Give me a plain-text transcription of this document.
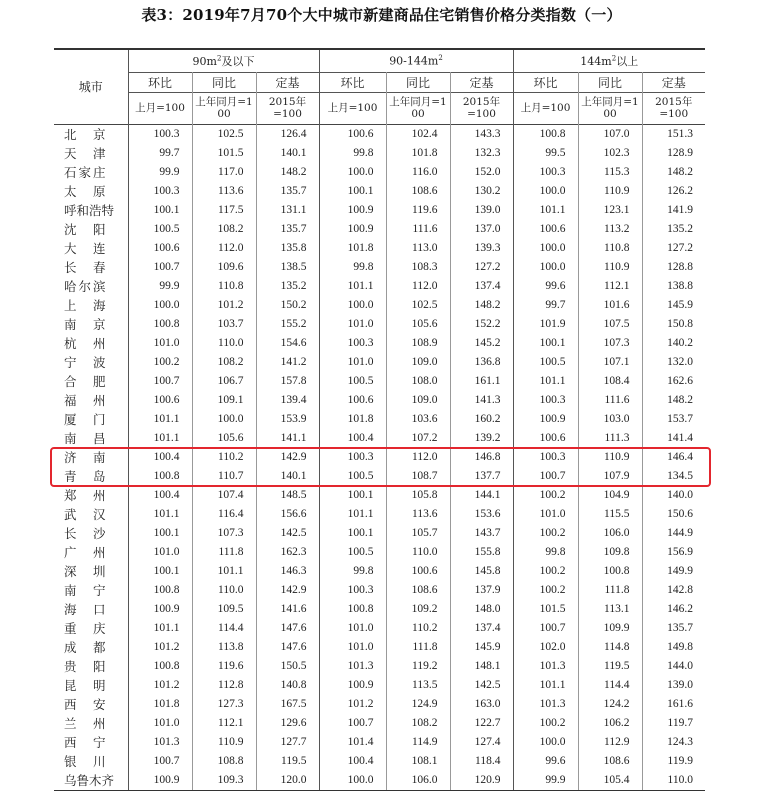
表3：2019年7月70个大中城市新建商品住宅销售价格分类指数（一）
城市	$90m^2$及以下			$90-144m^2$			$144m^2$以上		
	环比	同比	定基	环比	同比	定基	环比	同比	定基
	上月=100	上年同月=1
00	2015年=100	上月=100	上年同月=1
00	2015年=100	上月=100	上年同月=1
00	2015年=100
北京	100.3	102.5	126.4	100.6	102.4	143.3	100.8	107.0	151.3
天津	99.7	101.5	140.1	99.8	101.8	132.3	99.5	102.3	128.9
石家庄	99.9	117.0	148.2	100.0	116.0	152.0	100.3	115.3	148.2
太原	100.3	113.6	135.7	100.1	108.6	130.2	100.0	110.9	126.2
呼和浩特	100.1	117.5	131.1	100.9	119.6	139.0	101.1	123.1	141.9
沈阳	100.5	108.2	135.7	100.9	111.6	137.0	100.6	113.2	135.2
大连	100.6	112.0	135.8	101.8	113.0	139.3	100.0	110.8	127.2
长春	100.7	109.6	138.5	99.8	108.3	127.2	100.0	110.9	128.8
哈尔滨	99.9	110.8	135.2	101.1	112.0	137.4	99.6	112.1	138.8
上海	100.0	101.2	150.2	100.0	102.5	148.2	99.7	101.6	145.9
南京	100.8	103.7	155.2	101.0	105.6	152.2	101.9	107.5	150.8
杭州	101.0	110.0	154.6	100.3	108.9	145.2	100.1	107.3	140.2
宁波	100.2	108.2	141.2	101.0	109.0	136.8	100.5	107.1	132.0
合肥	100.7	106.7	157.8	100.5	108.0	161.1	101.1	108.4	162.6
福州	100.6	109.1	139.4	100.6	109.0	141.3	100.3	111.6	148.2
厦门	101.1	100.0	153.9	101.8	103.6	160.2	100.9	103.0	153.7
南昌	101.1	105.6	141.1	100.4	107.2	139.2	100.6	111.3	141.4
济南	100.4	110.2	142.9	100.3	112.0	146.8	100.3	110.9	146.4
青岛	100.8	110.7	140.1	100.5	108.7	137.7	100.7	107.9	134.5
郑州	100.4	107.4	148.5	100.1	105.8	144.1	100.2	104.9	140.0
武汉	101.1	116.4	156.6	101.1	113.6	153.6	101.0	115.5	150.6
长沙	100.1	107.3	142.5	100.1	105.7	143.7	100.2	106.0	144.9
广州	101.0	111.8	162.3	100.5	110.0	155.8	99.8	109.8	156.9
深圳	100.1	101.1	146.3	99.8	100.6	145.8	100.2	100.8	149.9
南宁	100.8	110.0	142.9	100.3	108.6	137.9	100.2	111.8	142.8
海口	100.9	109.5	141.6	100.8	109.2	148.0	101.5	113.1	146.2
重庆	101.1	114.4	147.6	101.0	110.2	137.4	100.7	109.9	135.7
成都	101.2	113.8	147.6	101.0	111.8	145.9	102.0	114.8	149.8
贵阳	100.8	119.6	150.5	101.3	119.2	148.1	101.3	119.5	144.0
昆明	101.2	112.8	140.8	100.9	113.5	142.5	101.1	114.4	139.0
西安	101.8	127.3	167.5	101.2	124.9	163.0	101.3	124.2	161.6
兰州	101.0	112.1	129.6	100.7	108.2	122.7	100.2	106.2	119.7
西宁	101.3	110.9	127.7	101.4	114.9	127.4	100.0	112.9	124.3
银川	100.7	108.8	119.5	100.4	108.1	118.4	99.6	108.6	119.9
乌鲁木齐	100.9	109.3	120.0	100.0	106.0	120.9	99.9	105.4	110.0
